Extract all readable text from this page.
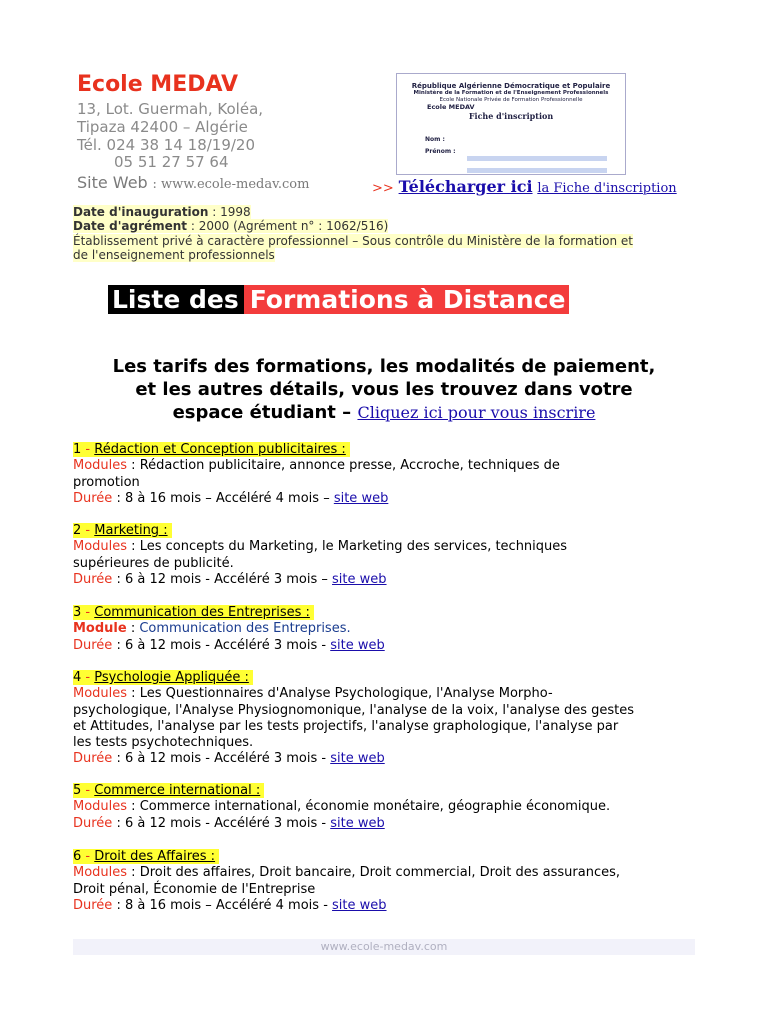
Ecole MEDAV
13, Lot. Guermah, Koléa,
Tipaza 42400 – Algérie
Tél. 024 38 14 18/19/20
05 51 27 57 64
Site Web : www.ecole-medav.com
République Algérienne Démocratique et Populaire
Ministère de la Formation et de l'Enseignement Professionnels
Ecole Nationale Privée de Formation Professionnelle
Ecole MEDAV
Fiche d'inscription
Nom :
Prénom :
>> Télécharger ici la Fiche d'inscription
Date d'inauguration : 1998
Date d'agrément : 2000 (Agrément n° : 1062/516)
Établissement privé à caractère professionnel – Sous contrôle du Ministère de la formation et
de l'enseignement professionnels
Liste des Formations à Distance
Les tarifs des formations, les modalités de paiement,
et les autres détails, vous les trouvez dans votre
espace étudiant – Cliquez ici pour vous inscrire
1 - Rédaction et Conception publicitaires :
Modules : Rédaction publicitaire, annonce presse, Accroche, techniques de
promotion
Durée : 8 à 16 mois – Accéléré 4 mois – site web
2 - Marketing :
Modules : Les concepts du Marketing, le Marketing des services, techniques
supérieures de publicité.
Durée : 6 à 12 mois - Accéléré 3 mois – site web
3 - Communication des Entreprises :
Module : Communication des Entreprises.
Durée : 6 à 12 mois - Accéléré 3 mois - site web
4 - Psychologie Appliquée :
Modules : Les Questionnaires d'Analyse Psychologique, l'Analyse Morpho-
psychologique, l'Analyse Physiognomonique, l'analyse de la voix, l'analyse des gestes
et Attitudes, l'analyse par les tests projectifs, l'analyse graphologique, l'analyse par
les tests psychotechniques.
Durée : 6 à 12 mois - Accéléré 3 mois - site web
5 - Commerce international :
Modules : Commerce international, économie monétaire, géographie économique.
Durée : 6 à 12 mois - Accéléré 3 mois - site web
6 - Droit des Affaires :
Modules : Droit des affaires, Droit bancaire, Droit commercial, Droit des assurances,
Droit pénal, Économie de l'Entreprise
Durée : 8 à 16 mois – Accéléré 4 mois - site web
www.ecole-medav.com
